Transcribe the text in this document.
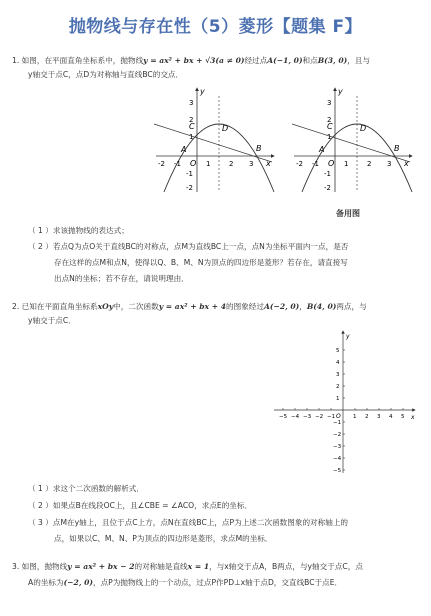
抛物线与存在性（5）菱形【题集 F】
1. 如图，在平面直角坐标系中，抛物线y = ax² + bx + √3(a ≠ 0)经过点A(−1, 0)和点B(3, 0)，且与
y轴交于点C，点D为对称轴与直线BC的交点．
A	B
C	D
O	x
y
-2 -1	1	2 3
3
2
1
-1
-2
A	B
C	D
O	x
y
-2 -1	1	2 3
3
2
1
-1
-2
备用图
（ 1 ）求该抛物线的表达式；
（ 2 ）若点Q为点O关于直线BC的对称点，点M为直线BC上一点，点N为坐标平面内一点，是否
存在这样的点M和点N，使得以Q、B、M、N为顶点的四边形是菱形？若存在，请直接写
出点N的坐标；若不存在，请说明理由．
2. 已知在平面直角坐标系xOy中，二次函数y = ax² + bx + 4的图象经过A(−2, 0)，B(4, 0)两点，与
y轴交于点C．
−5 −4 −3 −2 −1	1 2 3 4 5
5
4
3
2
1
−1
−2
−3
−4
−5
O	x
y
（ 1 ）求这个二次函数的解析式．
（ 2 ）如果点B在线段OC上，且∠CBE = ∠ACO，求点E的坐标．
（ 3 ）点M在y轴上，且位于点C上方，点N在直线BC上，点P为上述二次函数图象的对称轴上的
点，如果以C、M、N、P为顶点的四边形是菱形，求点M的坐标．
3. 如图，抛物线y = ax² + bx − 2的对称轴是直线x = 1，与x轴交于点A，B两点，与y轴交于点C，点
A的坐标为(−2, 0)，点P为抛物线上的一个动点，过点P作PD⊥x轴于点D，交直线BC于点E．
